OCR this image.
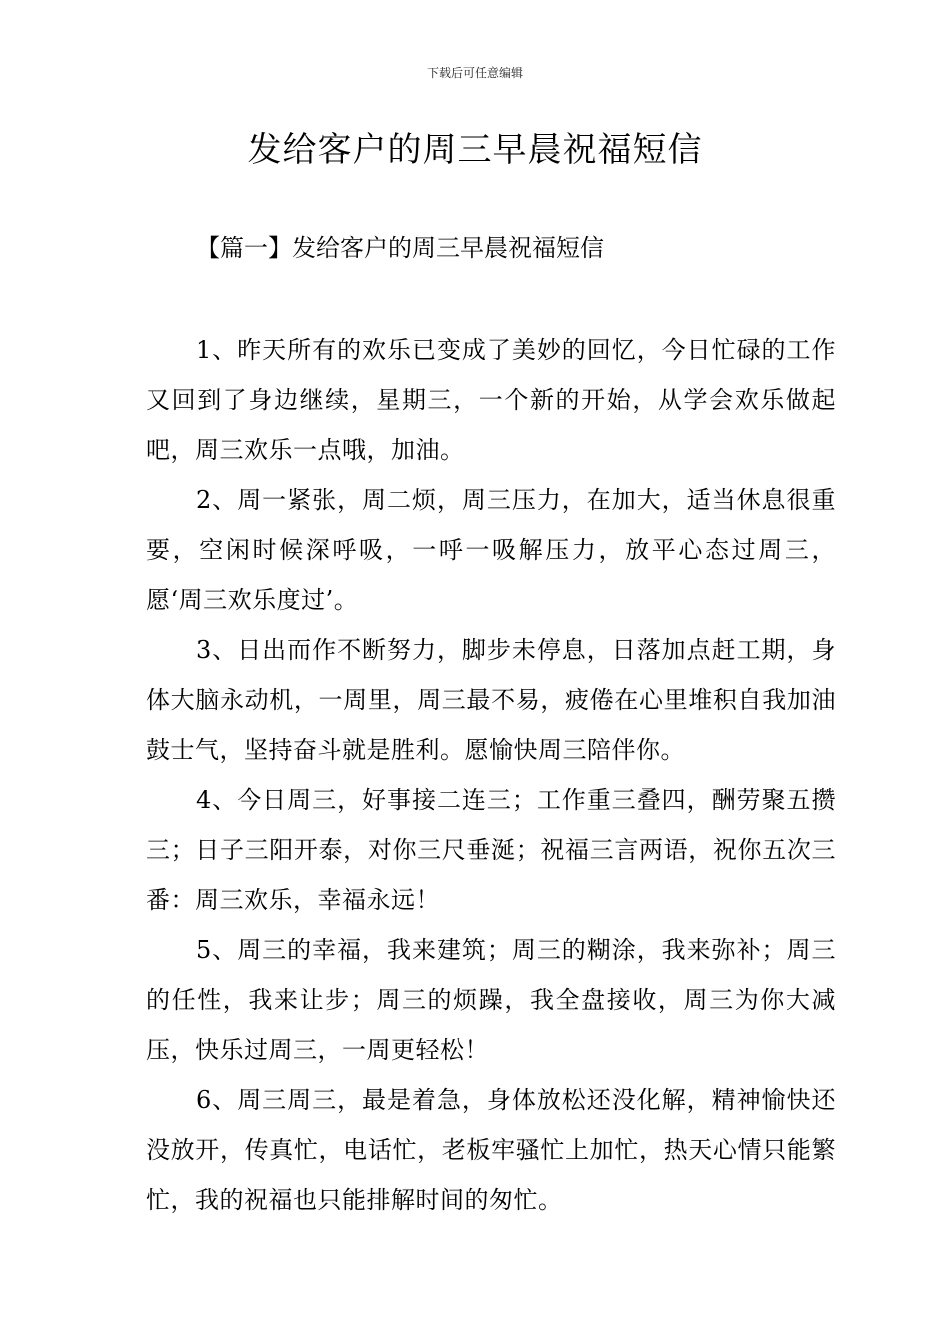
下载后可任意编辑
发给客户的周三早晨祝福短信
【篇一】发给客户的周三早晨祝福短信

1、昨天所有的欢乐已变成了美妙的回忆，今日忙碌的工作又回到了身边继续，星期三，一个新的开始，从学会欢乐做起吧，周三欢乐一点哦，加油。

2、周一紧张，周二烦，周三压力，在加大，适当休息很重要，空闲时候深呼吸，一呼一吸解压力，放平心态过周三，愿‘周三欢乐度过’。

3、日出而作不断努力，脚步未停息，日落加点赶工期，身体大脑永动机，一周里，周三最不易，疲倦在心里堆积自我加油鼓士气，坚持奋斗就是胜利。愿愉快周三陪伴你。

4、今日周三，好事接二连三；工作重三叠四，酬劳聚五攒三；日子三阳开泰，对你三尺垂涎；祝福三言两语，祝你五次三番：周三欢乐，幸福永远！

5、周三的幸福，我来建筑；周三的糊涂，我来弥补；周三的任性，我来让步；周三的烦躁，我全盘接收，周三为你大减压，快乐过周三，一周更轻松！

6、周三周三，最是着急，身体放松还没化解，精神愉快还没放开，传真忙，电话忙，老板牢骚忙上加忙，热天心情只能繁忙，我的祝福也只能排解时间的匆忙。
